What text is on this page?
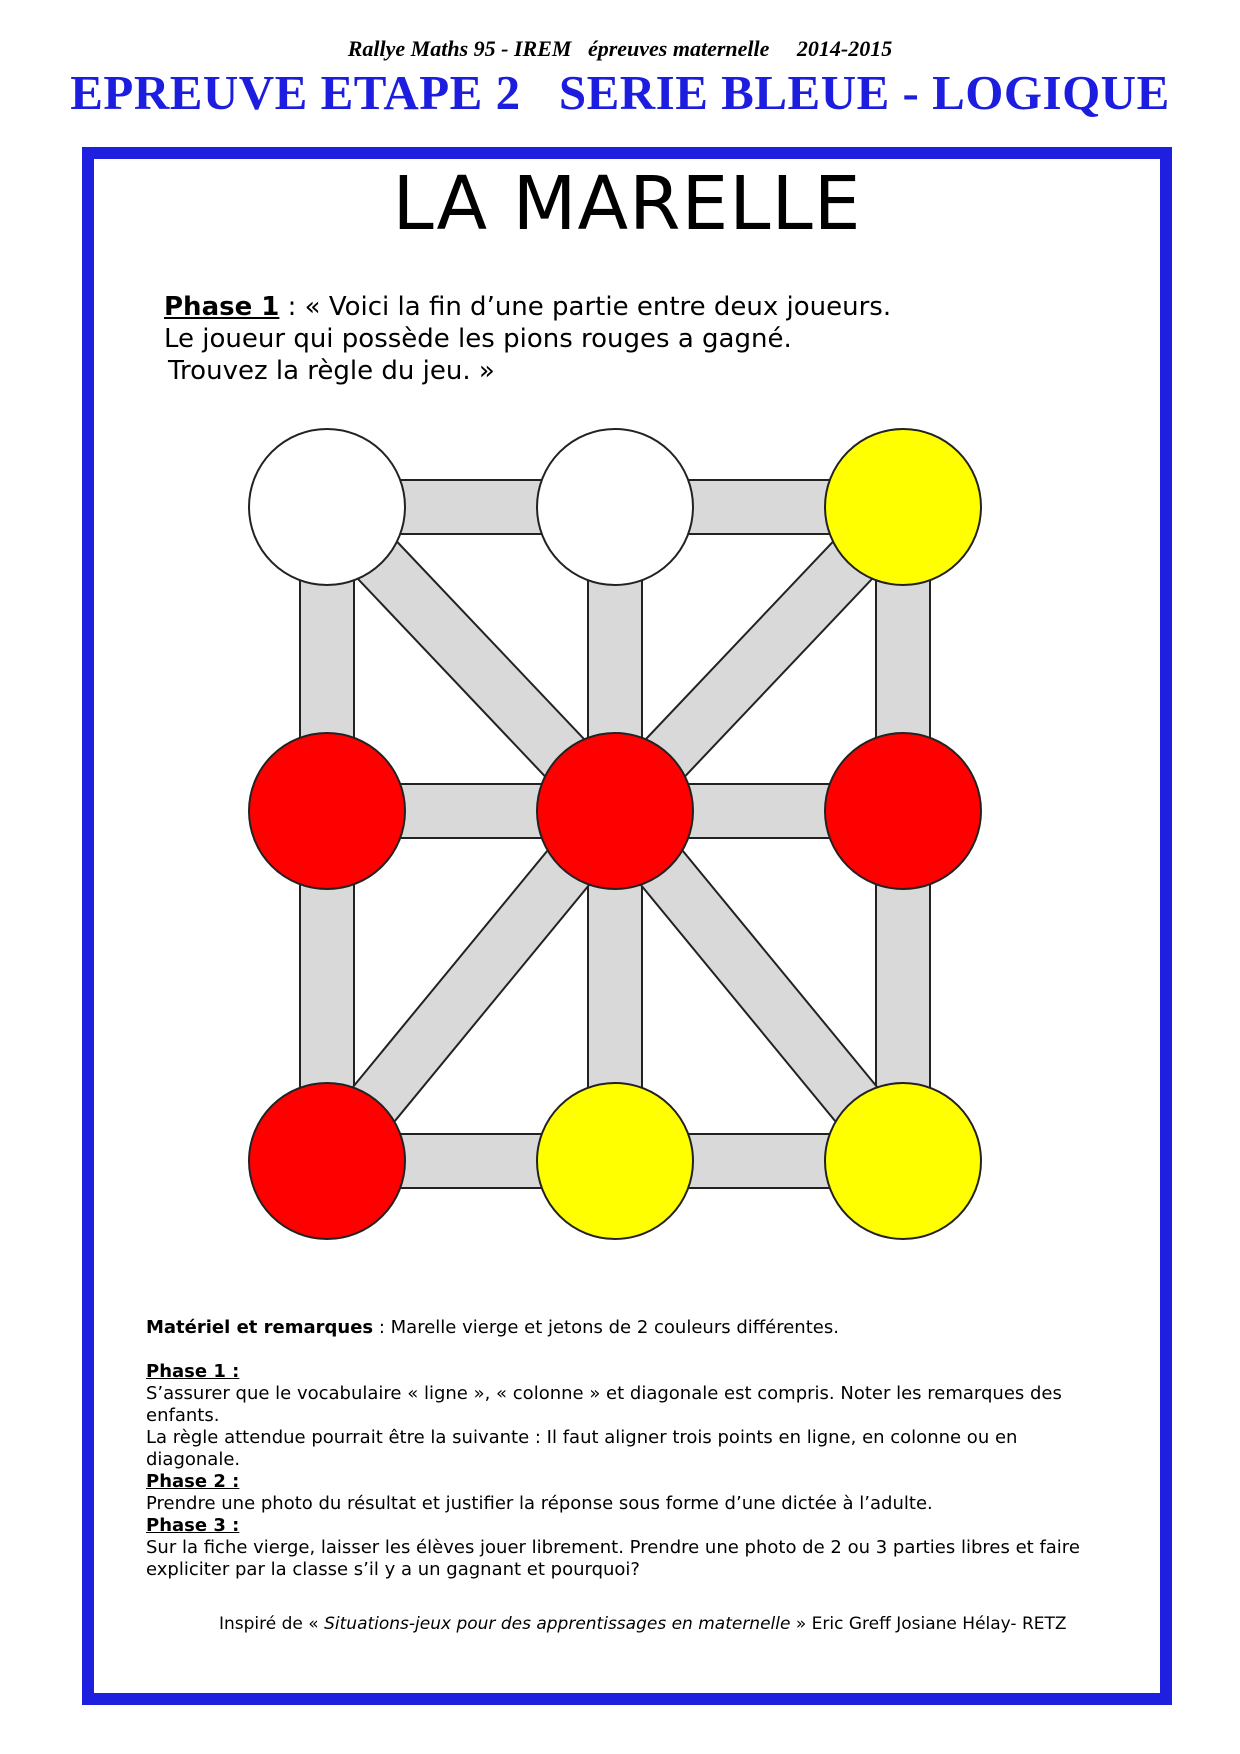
Rallye Maths 95 - IREM épreuves maternelle 2014-2015
EPREUVE ETAPE 2   SERIE BLEUE - LOGIQUE
LA MARELLE
Phase 1 : « Voici la fin d’une partie entre deux joueurs.
Le joueur qui possède les pions rouges a gagné.
Trouvez la règle du jeu. »

Matériel et remarques : Marelle vierge et jetons de 2 couleurs différentes.

Phase 1 :

S’assurer que le vocabulaire « ligne », « colonne » et diagonale est compris. Noter les remarques des enfants.

La règle attendue pourrait être la suivante : Il faut aligner trois points en ligne, en colonne ou en diagonale.

Phase 2 :

Prendre une photo du résultat et justifier la réponse sous forme d’une dictée à l’adulte.

Phase 3 :

Sur la fiche vierge, laisser les élèves jouer librement. Prendre une photo de 2 ou 3 parties libres et faire expliciter par la classe s’il y a un gagnant et pourquoi?

Inspiré de « Situations-jeux pour des apprentissages en maternelle » Eric Greff Josiane Hélay- RETZ
